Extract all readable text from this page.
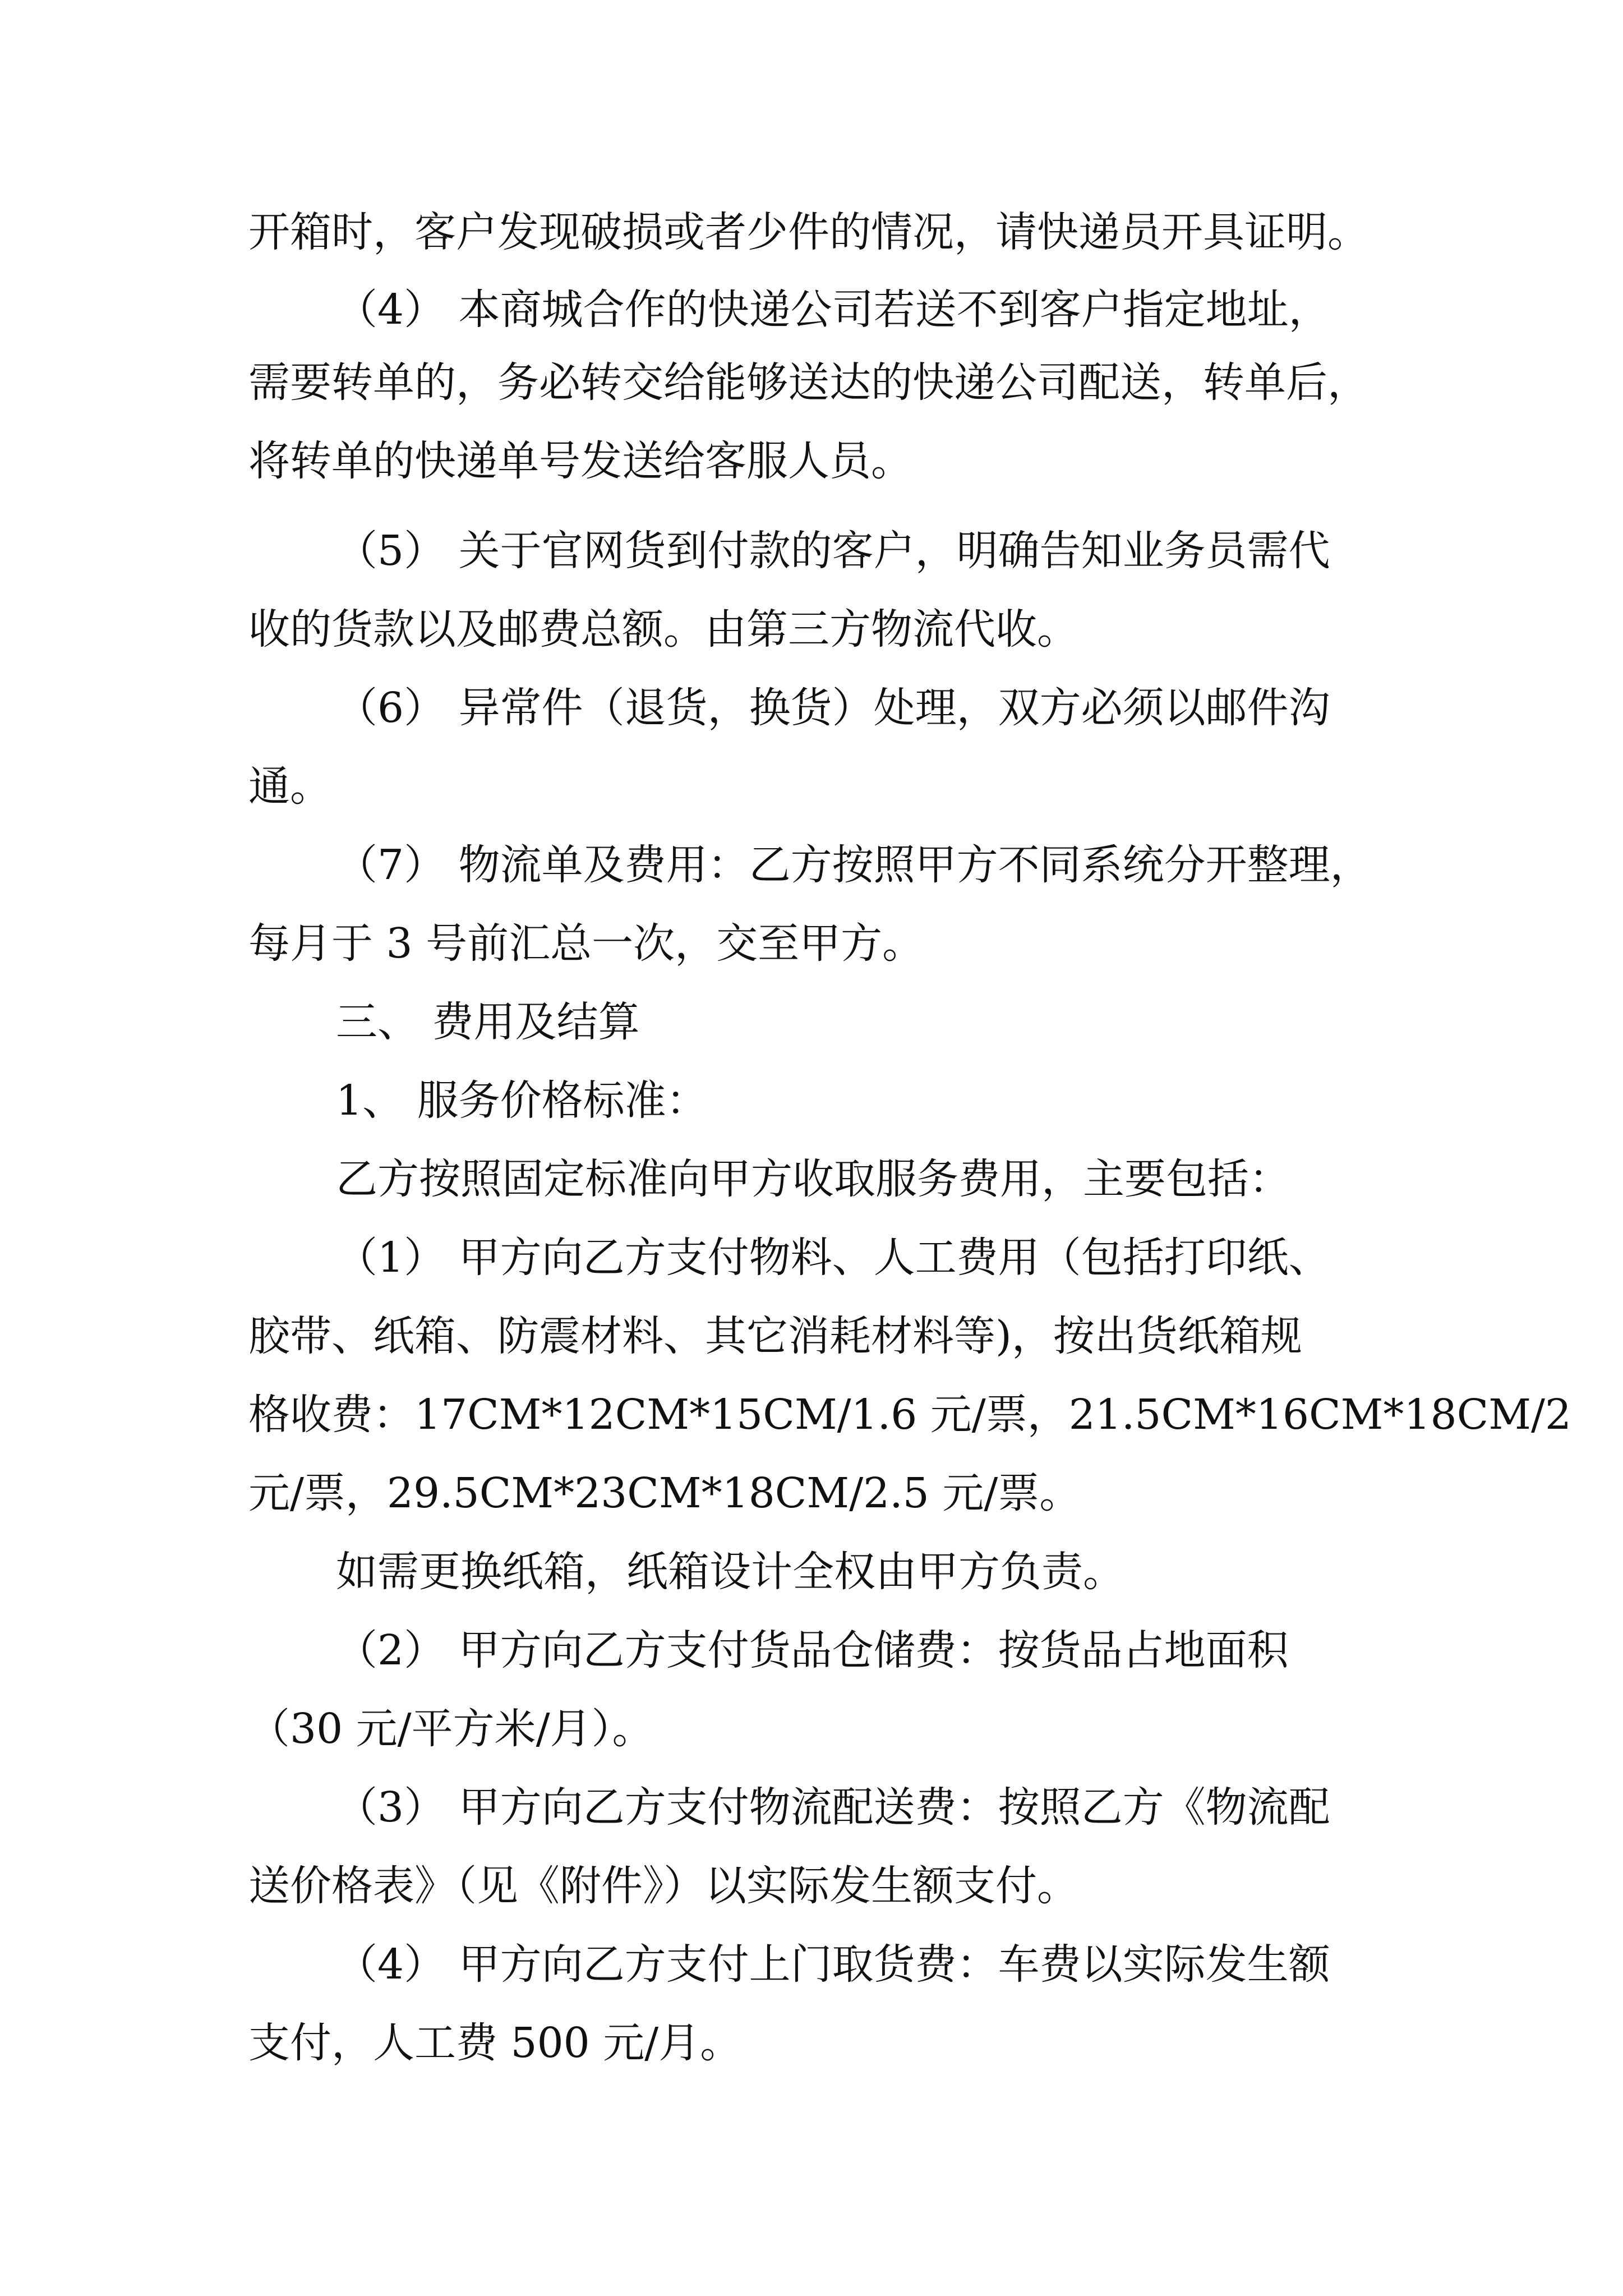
开箱时，客户发现破损或者少件的情况，请快递员开具证明。
（4） 本商城合作的快递公司若送不到客户指定地址，
需要转单的，务必转交给能够送达的快递公司配送，转单后，
将转单的快递单号发送给客服人员。
（5） 关于官网货到付款的客户，明确告知业务员需代
收的货款以及邮费总额。由第三方物流代收。
（6） 异常件（退货，换货）处理，双方必须以邮件沟
通。
（7） 物流单及费用：乙方按照甲方不同系统分开整理，
每月于 3 号前汇总一次，交至甲方。
三、 费用及结算
1、 服务价格标准：
乙方按照固定标准向甲方收取服务费用，主要包括：
（1） 甲方向乙方支付物料、人工费用（包括打印纸、
胶带、纸箱、防震材料、其它消耗材料等)，按出货纸箱规
格收费：17CM*12CM*15CM/1.6 元/票，21.5CM*16CM*18CM/2
元/票，29.5CM*23CM*18CM/2.5 元/票。
如需更换纸箱，纸箱设计全权由甲方负责。
（2） 甲方向乙方支付货品仓储费：按货品占地面积
（30 元/平方米/月）。
（3） 甲方向乙方支付物流配送费：按照乙方《物流配
送价格表》（见《附件》）以实际发生额支付。
（4） 甲方向乙方支付上门取货费：车费以实际发生额
支付，人工费 500 元/月。
